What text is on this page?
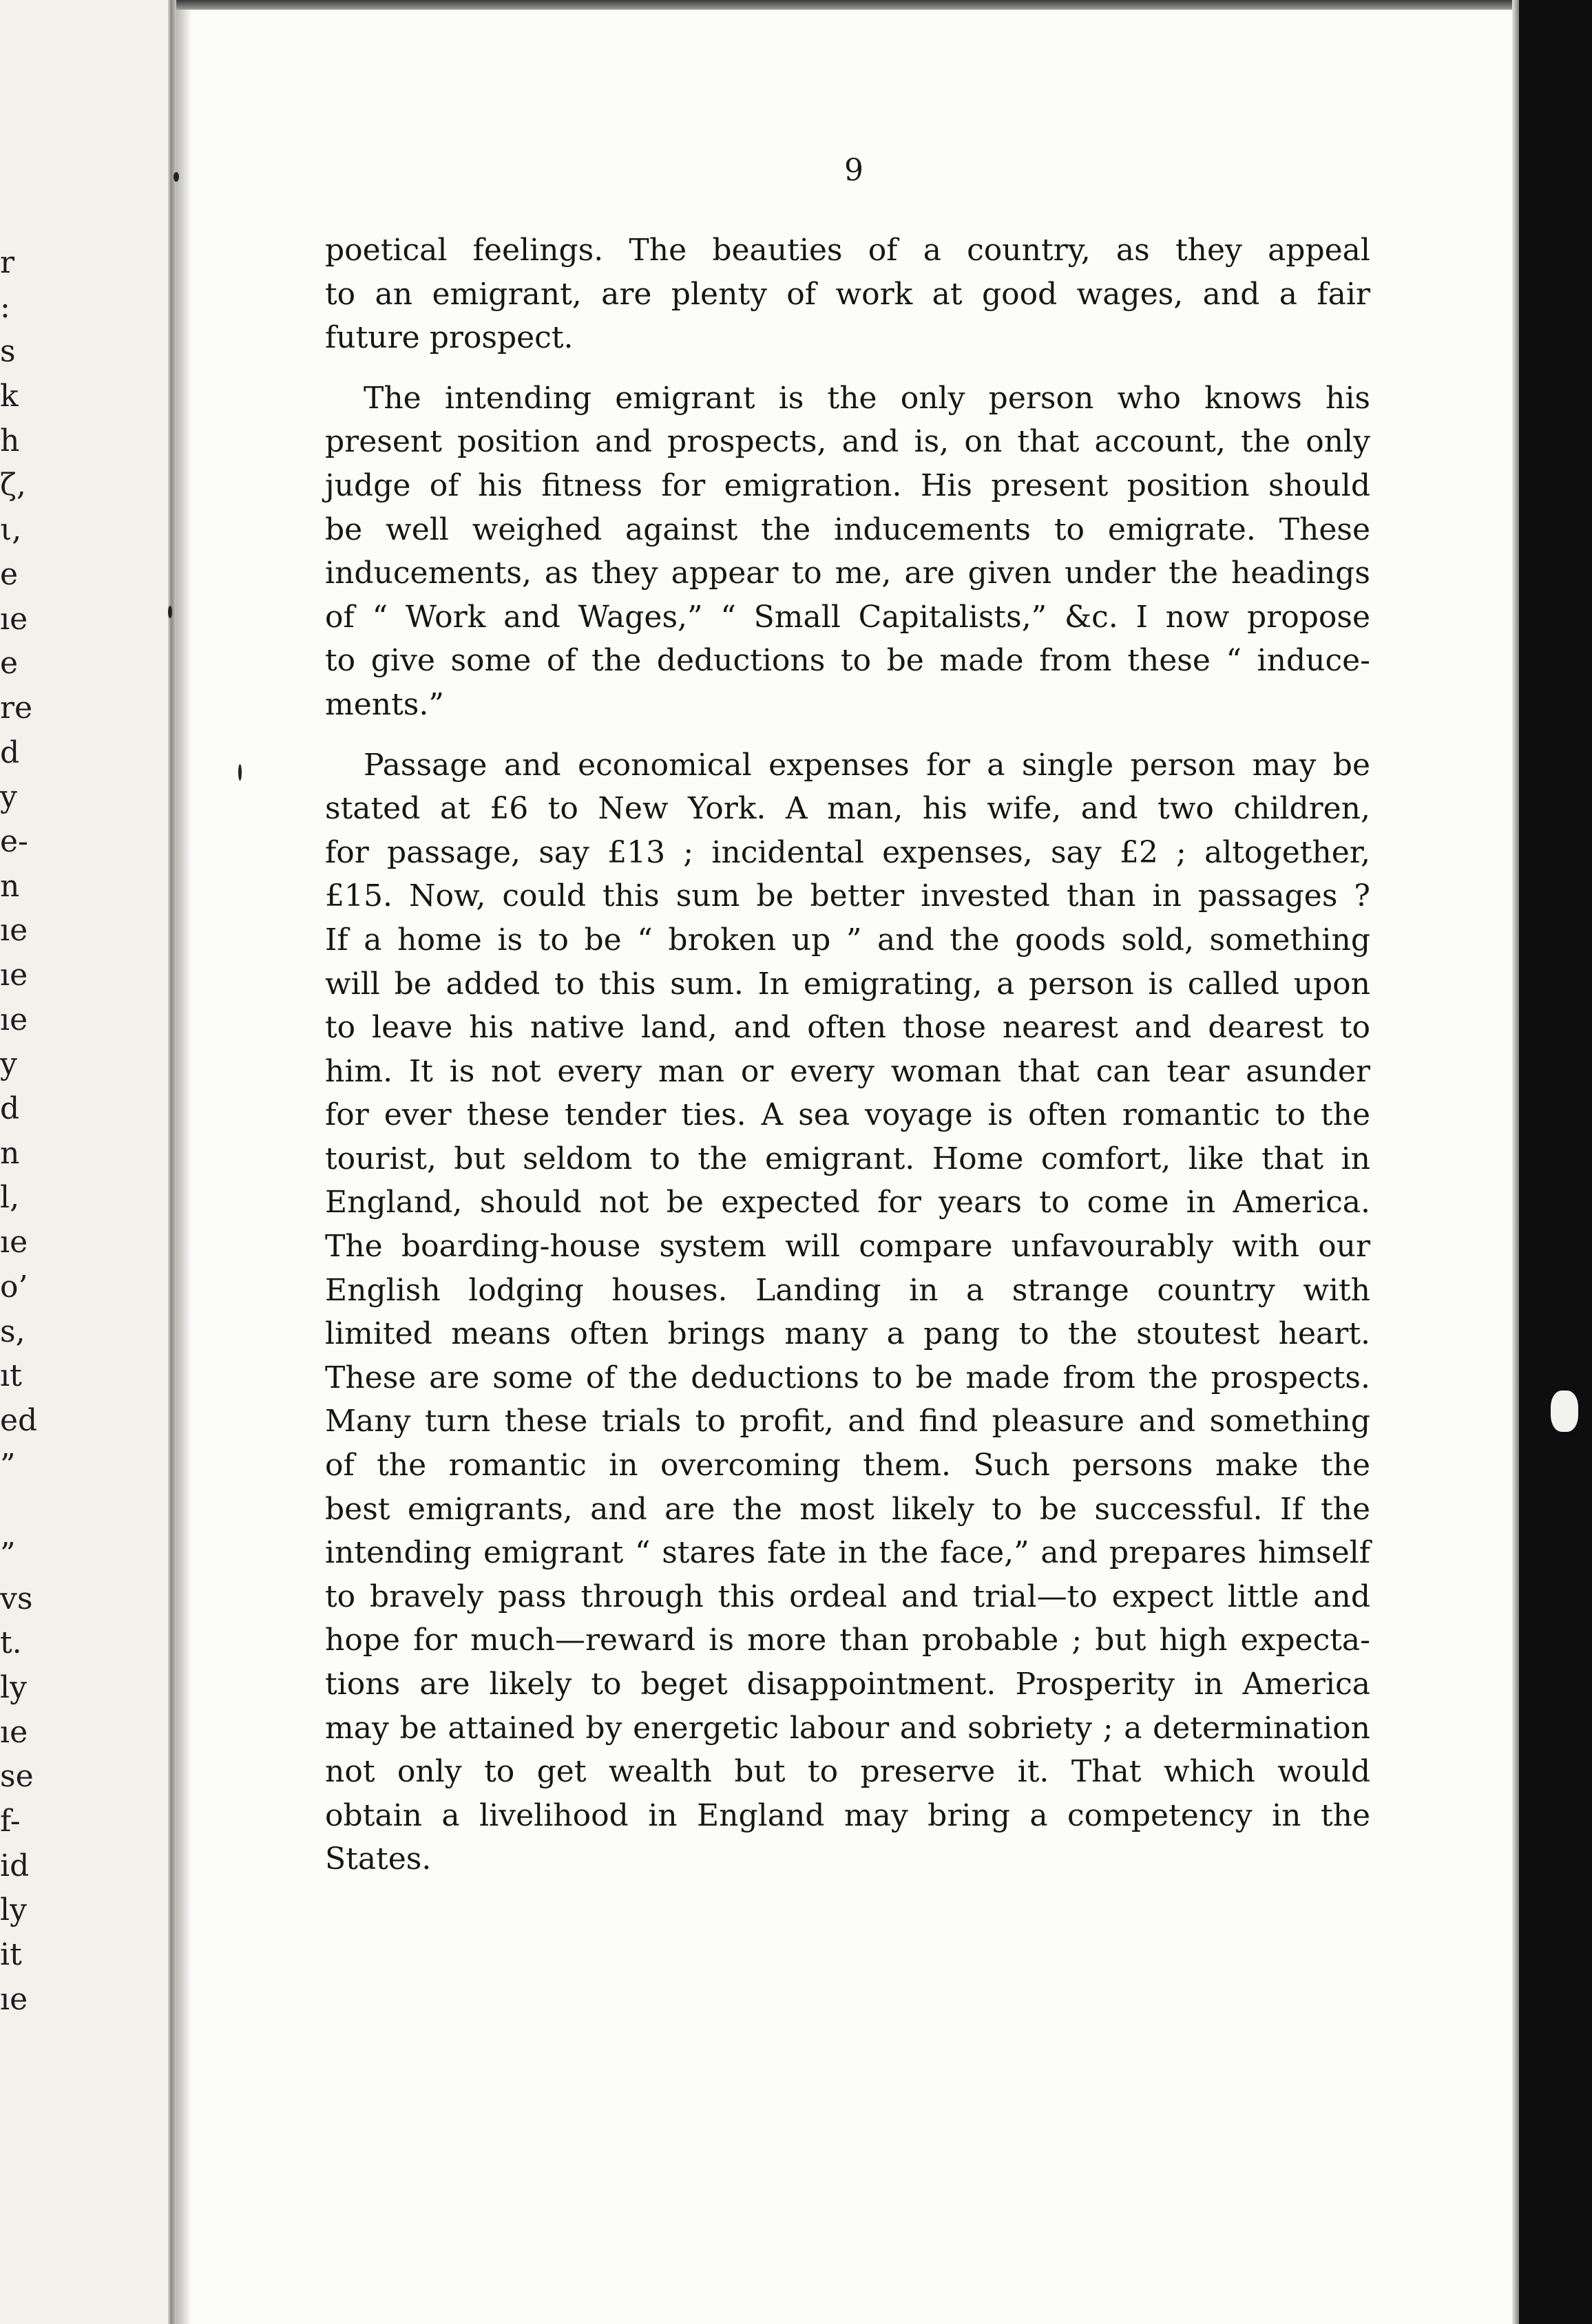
r
:
s
k
h
ζ,
ι,
e
ıe
e
re
d
y
e-
n
ıe
ıe
ıe
y
d
n
l,
ıe
o’
s,
ıt
ed
”
”
vs
t.
ly
ıe
se
f-
id
ly
it
ıe
9
poetical feelings. The beauties of a country, as they appeal
to an emigrant, are plenty of work at good wages, and a fair
future prospect.
The intending emigrant is the only person who knows his
present position and prospects, and is, on that account, the only
judge of his fitness for emigration. His present position should
be well weighed against the inducements to emigrate. These
inducements, as they appear to me, are given under the headings
of “ Work and Wages,” “ Small Capitalists,” &c. I now propose
to give some of the deductions to be made from these “ induce-
ments.”
Passage and economical expenses for a single person may be
stated at £6 to New York. A man, his wife, and two children,
for passage, say £13 ; incidental expenses, say £2 ; altogether,
£15. Now, could this sum be better invested than in passages ?
If a home is to be “ broken up ” and the goods sold, something
will be added to this sum. In emigrating, a person is called upon
to leave his native land, and often those nearest and dearest to
him. It is not every man or every woman that can tear asunder
for ever these tender ties. A sea voyage is often romantic to the
tourist, but seldom to the emigrant. Home comfort, like that in
England, should not be expected for years to come in America.
The boarding-house system will compare unfavourably with our
English lodging houses. Landing in a strange country with
limited means often brings many a pang to the stoutest heart.
These are some of the deductions to be made from the prospects.
Many turn these trials to profit, and find pleasure and something
of the romantic in overcoming them. Such persons make the
best emigrants, and are the most likely to be successful. If the
intending emigrant “ stares fate in the face,” and prepares himself
to bravely pass through this ordeal and trial—to expect little and
hope for much—reward is more than probable ; but high expecta-
tions are likely to beget disappointment. Prosperity in America
may be attained by energetic labour and sobriety ; a determination
not only to get wealth but to preserve it. That which would
obtain a livelihood in England may bring a competency in the
States.
